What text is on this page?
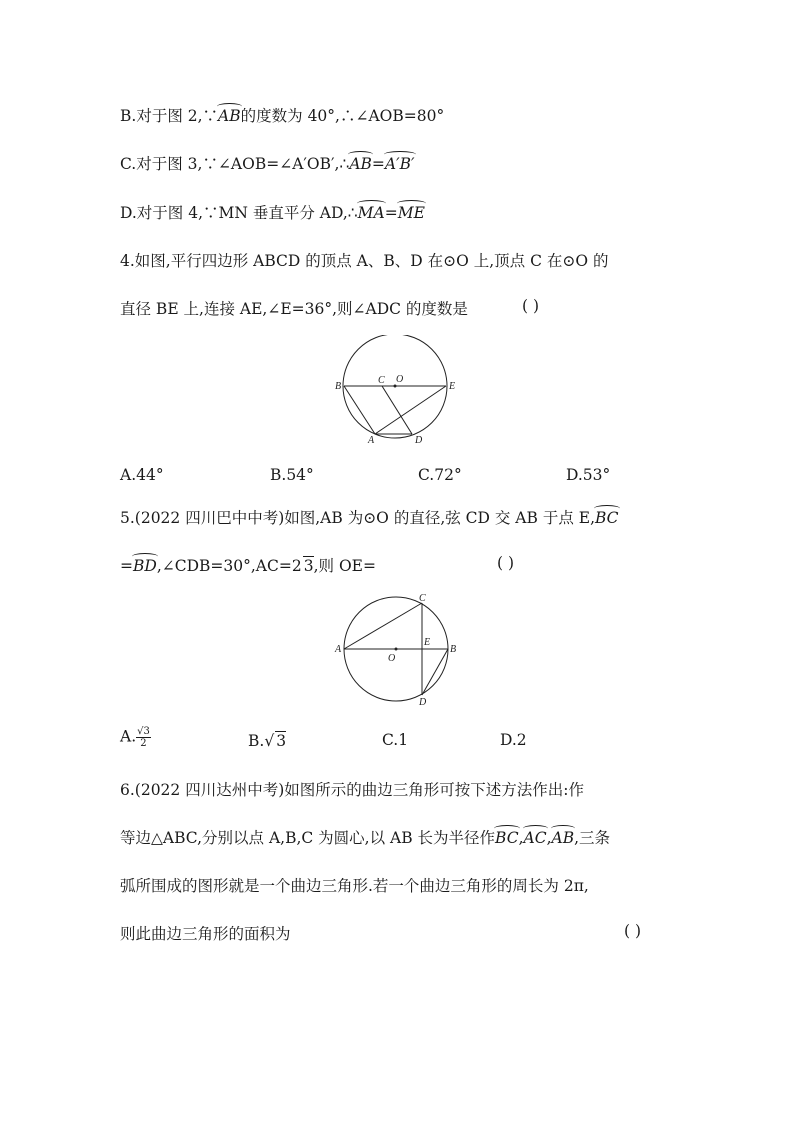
B.对于图 2,∵AB的度数为 40°,∴∠AOB=80°
C.对于图 3,∵∠AOB=∠A′OB′,∴AB=A′B′
D.对于图 4,∵MN 垂直平分 AD,∴MA=ME
4.如图,平行四边形 ABCD 的顶点 A、B、D 在⊙O 上,顶点 C 在⊙O 的
直径 BE 上,连接 AE,∠E=36°,则∠ADC 的度数是	( )
B
C O
E
A	D
A.44°	B.54°	C.72°	D.53°
5.(2022 四川巴中中考)如图,AB 为⊙O 的直径,弦 CD 交 AB 于点 E,BC
=BD,∠CDB=30°,AC=2 3,则 OE=	( )
C
A
O
E
B
D
A. $\frac{√3}{2}$	B.√ 3	C.1	D.2
6.(2022 四川达州中考)如图所示的曲边三角形可按下述方法作出:作
等边△ABC,分别以点 A,B,C 为圆心,以 AB 长为半径作BC,AC,AB,三条
弧所围成的图形就是一个曲边三角形.若一个曲边三角形的周长为 2π,
则此曲边三角形的面积为	( )
